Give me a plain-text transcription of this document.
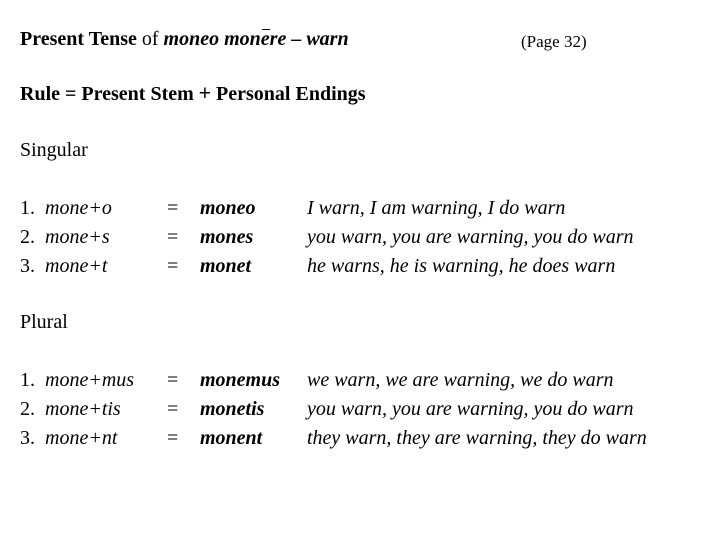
Present Tense of moneo monere – warn	(Page 32)
Rule = Present Stem + Personal Endings
Singular
1. mone+o	= moneo	I warn, I am warning, I do warn
2. mone+s	= mones	you warn, you are warning, you do warn
3. mone+t	= monet	he warns, he is warning, he does warn
Plural
1. mone+mus = monemus we warn, we are warning, we do warn
2. mone+tis = monetis you warn, you are warning, you do warn
3. mone+nt = monent they warn, they are warning, they do warn
